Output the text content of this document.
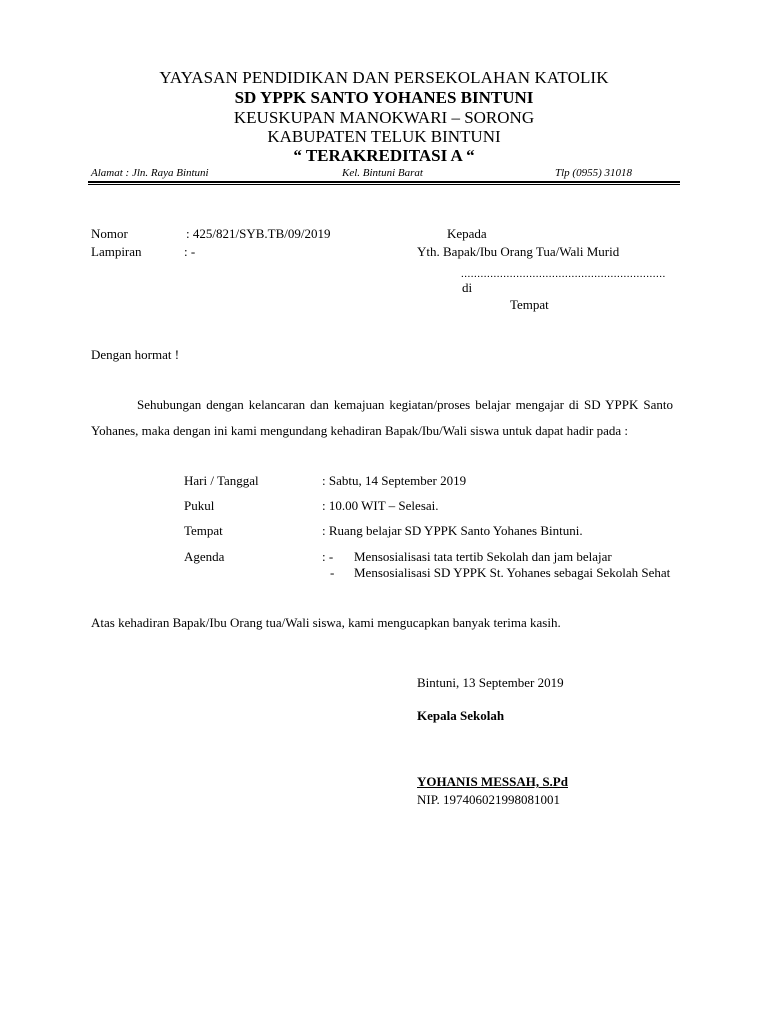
YAYASAN PENDIDIKAN DAN PERSEKOLAHAN KATOLIK
SD YPPK SANTO YOHANES BINTUNI
KEUSKUPAN MANOKWARI – SORONG
KABUPATEN TELUK BINTUNI
“ TERAKREDITASI A “
Alamat : Jln. Raya Bintuni	Kel. Bintuni Barat	Tlp (0955) 31018
Nomor	: 425/821/SYB.TB/09/2019
Lampiran	: -
Kepada
Yth. Bapak/Ibu Orang Tua/Wali Murid
...............................................................
di
Tempat
Dengan hormat !
Sehubungan dengan kelancaran dan kemajuan kegiatan/proses belajar mengajar di SD YPPK Santo Yohanes, maka dengan ini kami mengundang kehadiran Bapak/Ibu/Wali siswa untuk dapat hadir pada :
Hari / Tanggal	: Sabtu, 14 September 2019
Pukul	: 10.00 WIT – Selesai.
Tempat	: Ruang belajar SD YPPK Santo Yohanes Bintuni.
Agenda	: - Mensosialisasi tata tertib Sekolah dan jam belajar
- Mensosialisasi SD YPPK St. Yohanes sebagai Sekolah Sehat
Atas kehadiran Bapak/Ibu Orang tua/Wali siswa, kami mengucapkan banyak terima kasih.
Bintuni, 13 September 2019
Kepala Sekolah
YOHANIS MESSAH, S.Pd
NIP. 197406021998081001
